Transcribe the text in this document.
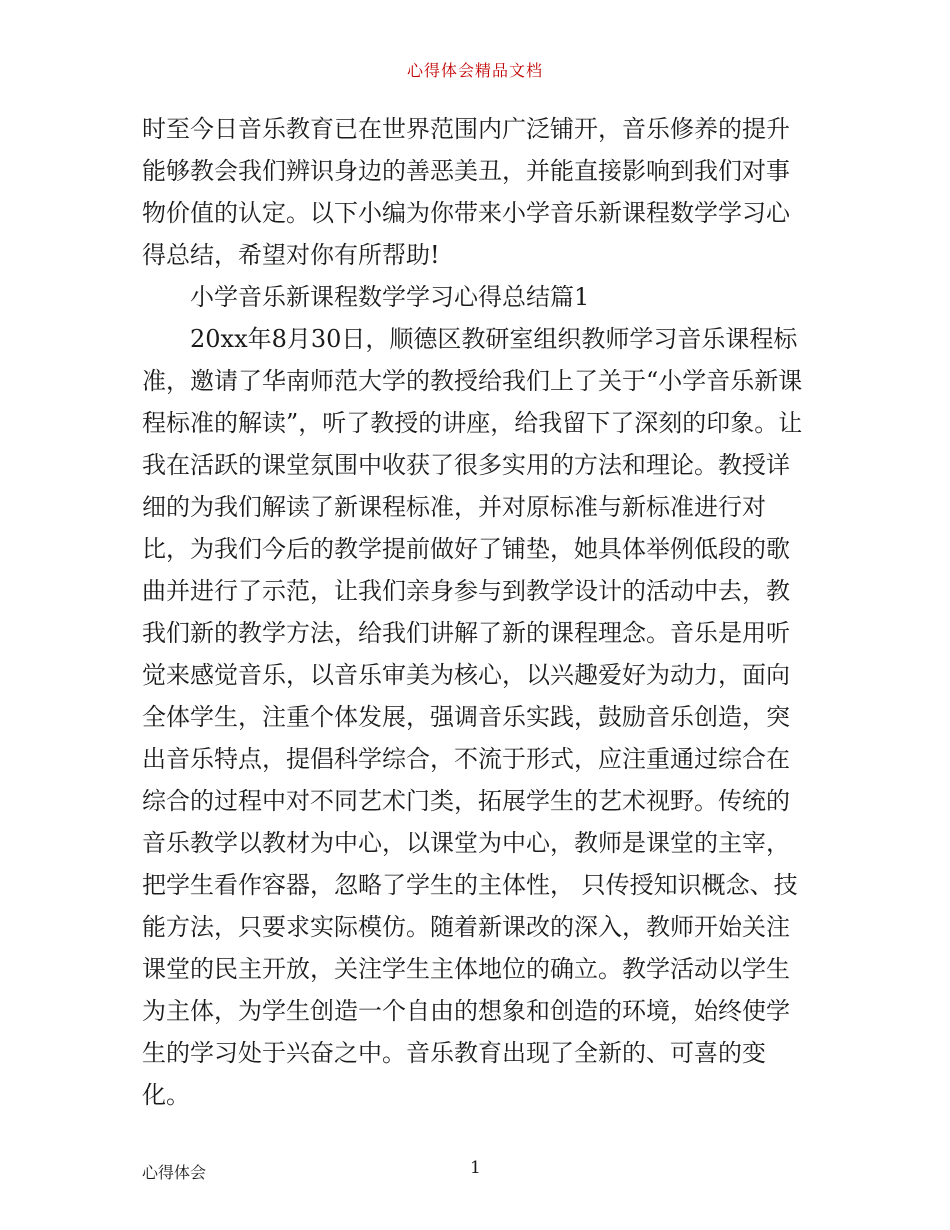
心得体会精品文档

时至今日音乐教育已在世界范围内广泛铺开，音乐修养的提升能够教会我们辨识身边的善恶美丑，并能直接影响到我们对事物价值的认定。以下小编为你带来小学音乐新课程数学学习心得总结，希望对你有所帮助!

小学音乐新课程数学学习心得总结篇1

20xx年8月30日，顺德区教研室组织教师学习音乐课程标准，邀请了华南师范大学的教授给我们上了关于“小学音乐新课程标准的解读”，听了教授的讲座，给我留下了深刻的印象。让我在活跃的课堂氛围中收获了很多实用的方法和理论。教授详细的为我们解读了新课程标准，并对原标准与新标准进行对比，为我们今后的教学提前做好了铺垫，她具体举例低段的歌曲并进行了示范，让我们亲身参与到教学设计的活动中去，教我们新的教学方法，给我们讲解了新的课程理念。音乐是用听觉来感觉音乐，以音乐审美为核心，以兴趣爱好为动力，面向全体学生，注重个体发展，强调音乐实践，鼓励音乐创造，突出音乐特点，提倡科学综合，不流于形式，应注重通过综合在综合的过程中对不同艺术门类，拓展学生的艺术视野。传统的音乐教学以教材为中心，以课堂为中心，教师是课堂的主宰，把学生看作容器，忽略了学生的主体性， 只传授知识概念、技能方法，只要求实际模仿。随着新课改的深入，教师开始关注课堂的民主开放，关注学生主体地位的确立。教学活动以学生为主体，为学生创造一个自由的想象和创造的环境，始终使学生的学习处于兴奋之中。音乐教育出现了全新的、可喜的变化。

心得体会	1
